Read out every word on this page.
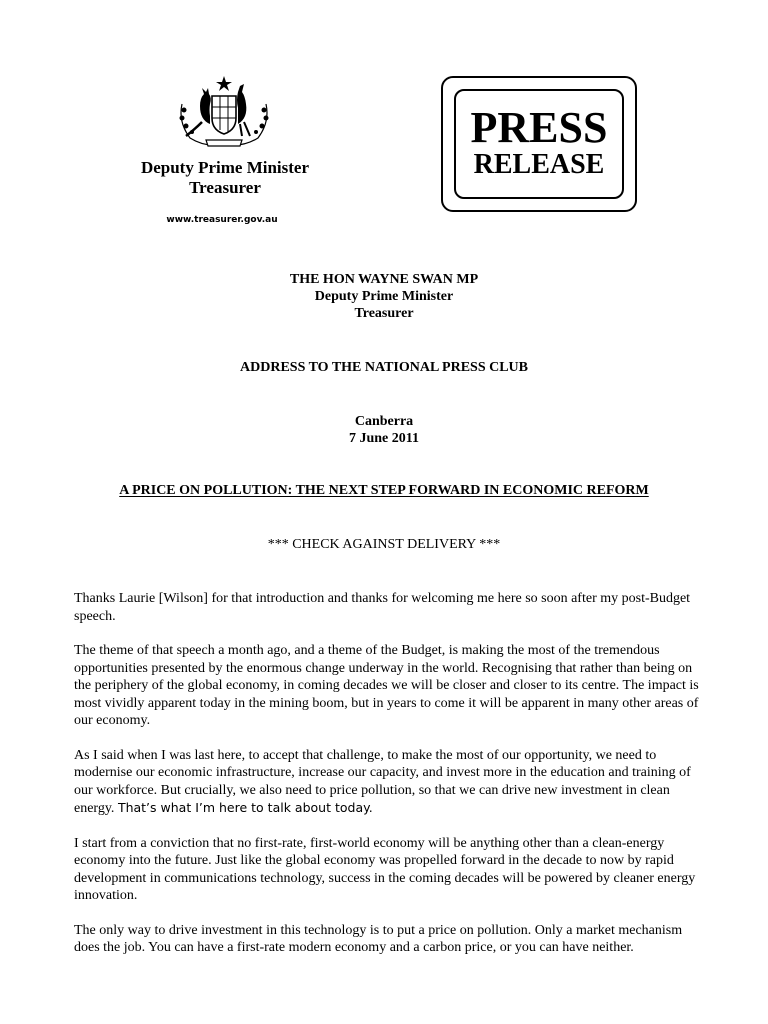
Deputy Prime Minister
Treasurer
www.treasurer.gov.au
PRESS
RELEASE
THE HON WAYNE SWAN MP
Deputy Prime Minister
Treasurer
ADDRESS TO THE NATIONAL PRESS CLUB
Canberra
7 June 2011
A PRICE ON POLLUTION: THE NEXT STEP FORWARD IN ECONOMIC REFORM
*** CHECK AGAINST DELIVERY ***

Thanks Laurie [Wilson] for that introduction and thanks for welcoming me here so soon after my post-Budget speech.

The theme of that speech a month ago, and a theme of the Budget, is making the most of the tremendous opportunities presented by the enormous change underway in the world. Recognising that rather than being on the periphery of the global economy, in coming decades we will be closer and closer to its centre. The impact is most vividly apparent today in the mining boom, but in years to come it will be apparent in many other areas of our economy.

As I said when I was last here, to accept that challenge, to make the most of our opportunity, we need to modernise our economic infrastructure, increase our capacity, and invest more in the education and training of our workforce. But crucially, we also need to price pollution, so that we can drive new investment in clean energy. That’s what I’m here to talk about today.

I start from a conviction that no first-rate, first-world economy will be anything other than a clean-energy economy into the future. Just like the global economy was propelled forward in the decade to now by rapid development in communications technology, success in the coming decades will be powered by cleaner energy innovation.

The only way to drive investment in this technology is to put a price on pollution. Only a market mechanism does the job. You can have a first-rate modern economy and a carbon price, or you can have neither.
